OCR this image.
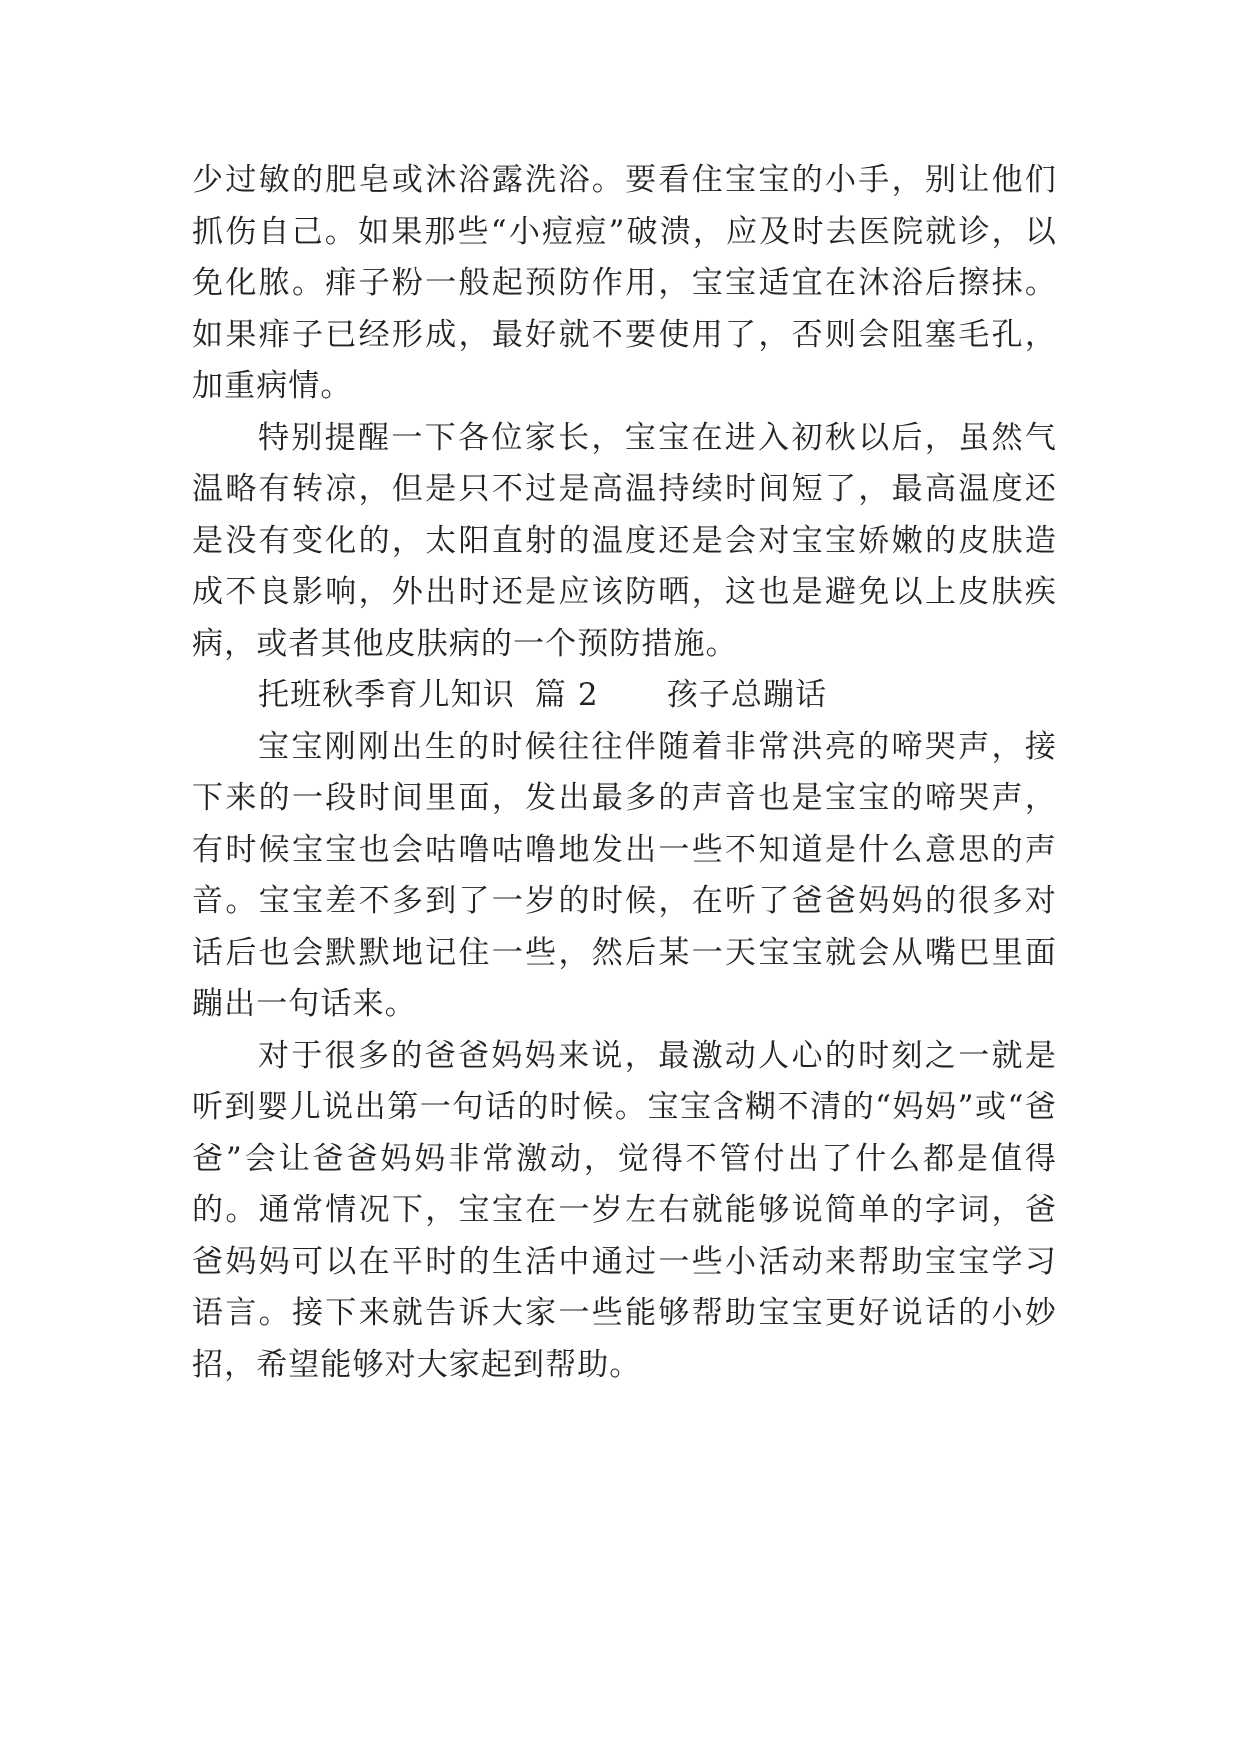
少过敏的肥皂或沐浴露洗浴。要看住宝宝的小手，别让他们抓伤自己。如果那些“小痘痘”破溃，应及时去医院就诊，以免化脓。痱子粉一般起预防作用，宝宝适宜在沐浴后擦抹。如果痱子已经形成，最好就不要使用了，否则会阻塞毛孔，加重病情。

特别提醒一下各位家长，宝宝在进入初秋以后，虽然气温略有转凉，但是只不过是高温持续时间短了，最高温度还是没有变化的，太阳直射的温度还是会对宝宝娇嫩的皮肤造成不良影响，外出时还是应该防晒，这也是避免以上皮肤疾病，或者其他皮肤病的一个预防措施。

托班秋季育儿知识 篇 2 孩子总蹦话

宝宝刚刚出生的时候往往伴随着非常洪亮的啼哭声，接下来的一段时间里面，发出最多的声音也是宝宝的啼哭声，有时候宝宝也会咕噜咕噜地发出一些不知道是什么意思的声音。宝宝差不多到了一岁的时候，在听了爸爸妈妈的很多对话后也会默默地记住一些，然后某一天宝宝就会从嘴巴里面蹦出一句话来。

对于很多的爸爸妈妈来说，最激动人心的时刻之一就是听到婴儿说出第一句话的时候。宝宝含糊不清的“妈妈”或“爸爸”会让爸爸妈妈非常激动，觉得不管付出了什么都是值得的。通常情况下，宝宝在一岁左右就能够说简单的字词，爸爸妈妈可以在平时的生活中通过一些小活动来帮助宝宝学习语言。接下来就告诉大家一些能够帮助宝宝更好说话的小妙招，希望能够对大家起到帮助。
